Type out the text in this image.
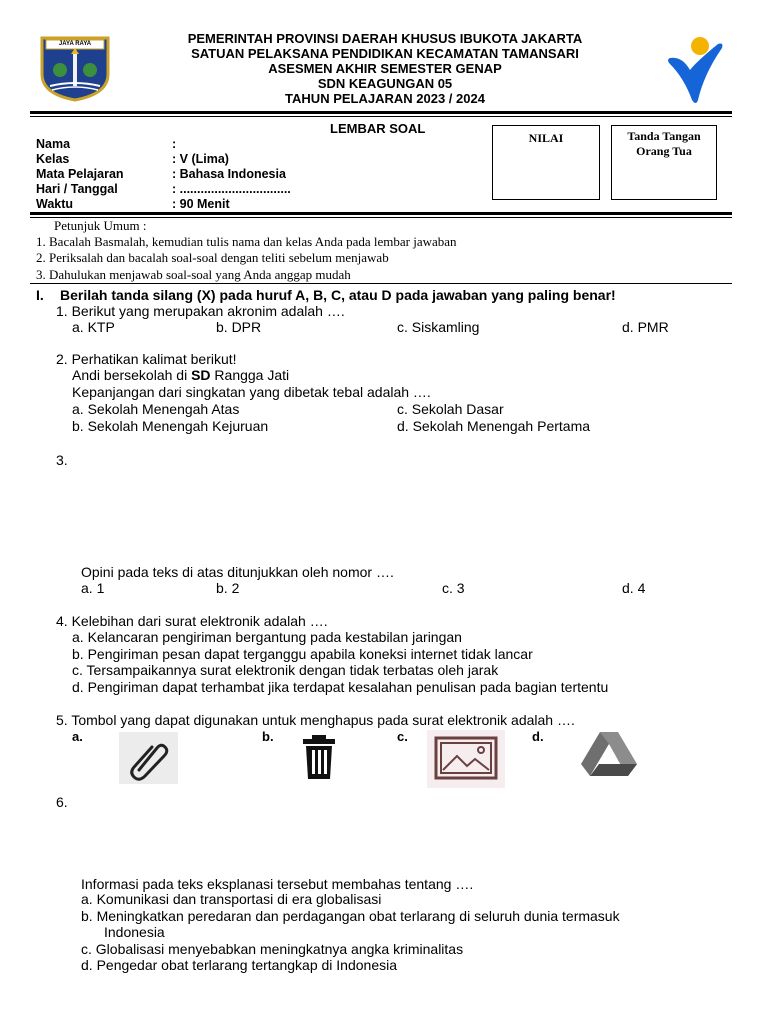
JAYA RAYA	PEMERINTAH PROVINSI DAERAH KHUSUS IBUKOTA JAKARTA
SATUAN PELAKSANA PENDIDIKAN KECAMATAN TAMANSARI
ASESMEN AKHIR SEMESTER GENAP
SDN KEAGUNGAN 05
TAHUN PELAJARAN 2023 / 2024
LEMBAR SOAL
NILAI	Tanda Tangan
Orang Tua
Nama	:
Kelas	: V (Lima)
Mata Pelajaran	: Bahasa Indonesia
Hari / Tanggal	: ................................
Waktu	: 90 Menit
Petunjuk Umum :
1. Bacalah Basmalah, kemudian tulis nama dan kelas Anda pada lembar jawaban
2. Periksalah dan bacalah soal-soal dengan teliti sebelum menjawab
3. Dahulukan menjawab soal-soal yang Anda anggap mudah
I. Berilah tanda silang (X) pada huruf A, B, C, atau D pada jawaban yang paling benar!
1. Berikut yang merupakan akronim adalah ….
a. KTP	b. DPR	c. Siskamling	d. PMR
2. Perhatikan kalimat berikut!
Andi bersekolah di SD Rangga Jati
Kepanjangan dari singkatan yang dibetak tebal adalah ….
a. Sekolah Menengah Atas	c. Sekolah Dasar
b. Sekolah Menengah Kejuruan	d. Sekolah Menengah Pertama
3.
Opini pada teks di atas ditunjukkan oleh nomor ….
a. 1	b. 2	c. 3	d. 4
4. Kelebihan dari surat elektronik adalah ….
a. Kelancaran pengiriman bergantung pada kestabilan jaringan
b. Pengiriman pesan dapat terganggu apabila koneksi internet tidak lancar
c. Tersampaikannya surat elektronik dengan tidak terbatas oleh jarak
d. Pengiriman dapat terhambat jika terdapat kesalahan penulisan pada bagian tertentu
5. Tombol yang dapat digunakan untuk menghapus pada surat elektronik adalah ….
a.	b.	c.	d.
6.
Informasi pada teks eksplanasi tersebut membahas tentang ….
a. Komunikasi dan transportasi di era globalisasi
b. Meningkatkan peredaran dan perdagangan obat terlarang di seluruh dunia termasuk
Indonesia
c. Globalisasi menyebabkan meningkatnya angka kriminalitas
d. Pengedar obat terlarang tertangkap di Indonesia
